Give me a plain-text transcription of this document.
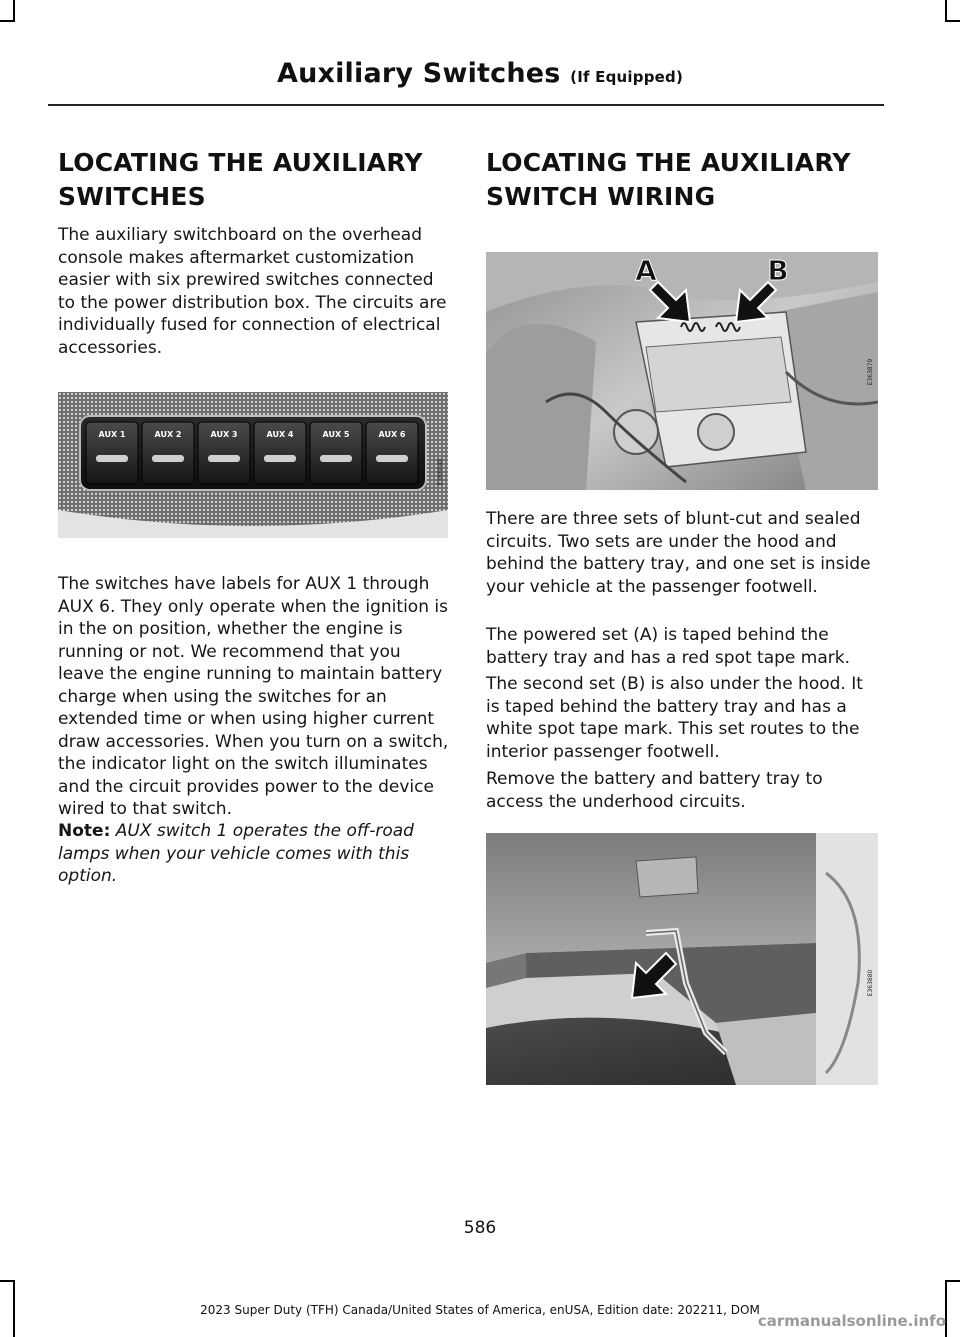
Auxiliary Switches (If Equipped)
LOCATING THE AUXILIARY
SWITCHES

The auxiliary switchboard on the overhead console makes aftermarket customization easier with six prewired switches connected to the power distribution box. The circuits are individually fused for connection of electrical accessories.

AUX 1	AUX 2	AUX 3	AUX 4	AUX 5	AUX 6
E366040

The switches have labels for AUX 1 through AUX 6. They only operate when the ignition is in the on position, whether the engine is running or not. We recommend that you leave the engine running to maintain battery charge when using the switches for an extended time or when using higher current draw accessories. When you turn on a switch, the indicator light on the switch illuminates and the circuit provides power to the device wired to that switch.

Note: AUX switch 1 operates the off-road lamps when your vehicle comes with this option.

LOCATING THE AUXILIARY
SWITCH WIRING
A	B
E363879

There are three sets of blunt-cut and sealed circuits. Two sets are under the hood and behind the battery tray, and one set is inside your vehicle at the passenger footwell.

The powered set (A) is taped behind the battery tray and has a red spot tape mark.

The second set (B) is also under the hood. It is taped behind the battery tray and has a white spot tape mark. This set routes to the interior passenger footwell.

Remove the battery and battery tray to access the underhood circuits.

E363880
586
2023 Super Duty (TFH) Canada/United States of America, enUSA, Edition date: 202211, DOM
carmanualsonline.info
